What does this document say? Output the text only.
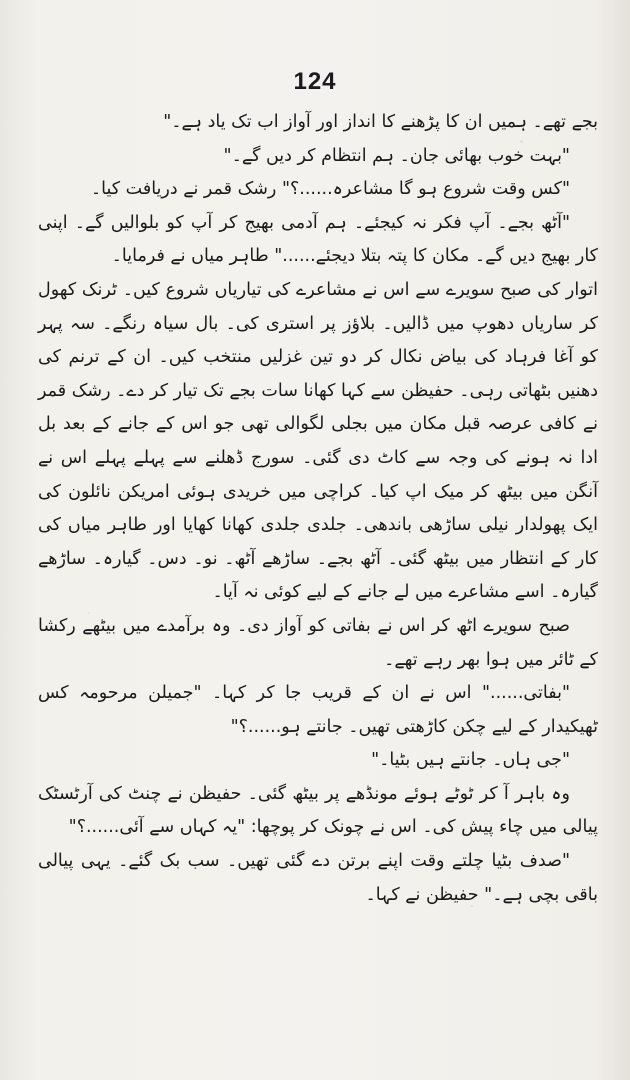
124

بجے تھے۔ ہمیں ان کا پڑھنے کا انداز اور آواز اب تک یاد ہے۔"

"بہت خوب بھائی جان۔ ہم انتظام کر دیں گے۔"

"کس وقت شروع ہو گا مشاعرہ......؟" رشک قمر نے دریافت کیا۔

"آٹھ بجے۔ آپ فکر نہ کیجئے۔ ہم آدمی بھیج کر آپ کو بلوالیں گے۔ اپنی کار بھیج دیں گے۔ مکان کا پتہ بتلا دیجئے......" طاہر میاں نے فرمایا۔

اتوار کی صبح سویرے سے اس نے مشاعرے کی تیاریاں شروع کیں۔ ٹرنک کھول کر ساریاں دھوپ میں ڈالیں۔ بلاؤز پر استری کی۔ بال سیاہ رنگے۔ سہ پہر کو آغا فرہاد کی بیاض نکال کر دو تین غزلیں منتخب کیں۔ ان کے ترنم کی دھنیں بٹھاتی رہی۔ حفیظن سے کہا کھانا سات بجے تک تیار کر دے۔ رشک قمر نے کافی عرصہ قبل مکان میں بجلی لگوالی تھی جو اس کے جانے کے بعد بل ادا نہ ہونے کی وجہ سے کاٹ دی گئی۔ سورج ڈھلنے سے پہلے پہلے اس نے آنگن میں بیٹھ کر میک اپ کیا۔ کراچی میں خریدی ہوئی امریکن نائلون کی ایک پھولدار نیلی ساڑھی باندھی۔ جلدی جلدی کھانا کھایا اور طاہر میاں کی کار کے انتظار میں بیٹھ گئی۔ آٹھ بجے۔ ساڑھے آٹھ۔ نو۔ دس۔ گیارہ۔ ساڑھے گیارہ۔ اسے مشاعرے میں لے جانے کے لیے کوئی نہ آیا۔

صبح سویرے اٹھ کر اس نے بفاتی کو آواز دی۔ وہ برآمدے میں بیٹھے رکشا کے ٹائر میں ہوا بھر رہے تھے۔

"بفاتی......" اس نے ان کے قریب جا کر کہا۔ "جمیلن مرحومہ کس ٹھیکیدار کے لیے چکن کاڑھتی تھیں۔ جانتے ہو......؟"

"جی ہاں۔ جانتے ہیں بٹیا۔"

وہ باہر آ کر ٹوٹے ہوئے مونڈھے پر بیٹھ گئی۔ حفیظن نے چنٹ کی آرٹسٹک پیالی میں چاء پیش کی۔ اس نے چونک کر پوچھا: "یہ کہاں سے آئی......؟"

"صدف بٹیا چلتے وقت اپنے برتن دے گئی تھیں۔ سب بک گئے۔ یہی پیالی باقی بچی ہے۔" حفیظن نے کہا۔
